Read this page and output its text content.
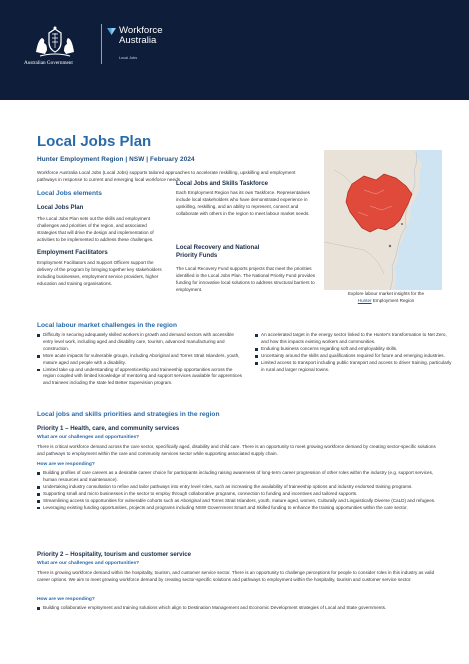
Australian Government
Workforce
Australia
Local Jobs
Local Jobs Plan
Hunter Employment Region | NSW | February 2024
Workforce Australia Local Jobs (Local Jobs) supports tailored approaches to accelerate reskilling, upskilling and employment pathways in response to current and emerging local workforce needs.
Local Jobs elements
Local Jobs Plan
The Local Jobs Plan sets out the skills and employment challenges and priorities of the region, and associated strategies that will drive the design and implementation of activities to be implemented to address these challenges.
Employment Facilitators
Employment Facilitators and Support Officers support the delivery of the program by bringing together key stakeholders including businesses, employment service providers, higher education and training organisations.
Local Jobs and Skills Taskforce
Each Employment Region has its own Taskforce. Representatives include local stakeholders who have demonstrated experience in upskilling, reskilling, and an ability to represent, connect and collaborate with others in the region to meet labour market needs.
Local Recovery and National
Priority Funds
The Local Recovery Fund supports projects that meet the priorities identified in the Local Jobs Plan. The National Priority Fund provides funding for innovative local solutions to address structural barriers to employment.
Explore labour market insights for the
Hunter Employment Region
Local labour market challenges in the region
Difficulty in securing adequately skilled workers in growth and demand sectors with accessible entry level work, including aged and disability care, tourism, advanced manufacturing and construction.
More acute impacts for vulnerable groups, including Aboriginal and Torres Strait Islanders, youth, mature aged and people with a disability.
Limited take up and understanding of apprenticeship and traineeship opportunities across the region coupled with limited knowledge of mentoring and support services available for apprentices and trainees including the state led Better Supervision program.
An accelerated target in the energy sector linked to the Hunter's transformation to Net Zero, and how this impacts existing workers and communities.
Enduring business concerns regarding soft and employability skills.
Uncertainty around the skills and qualifications required for future and emerging industries.
Limited access to transport including public transport and access to driver training, particularly in rural and larger regional towns.
Local jobs and skills priorities and strategies in the region
Priority 1 – Health, care, and community services
What are our challenges and opportunities?
There is critical workforce demand across the care sector, specifically aged, disability and child care. There is an opportunity to meet growing workforce demand by creating sector-specific solutions and pathways to employment within the care and community services sector while supporting associated supply chain.
How are we responding?
Building profiles of care careers as a desirable career choice for participants including raising awareness of long-term career progression of other roles within the industry (e.g. support services, human resources and maintenance).
Undertaking industry consultation to refine and tailor pathways into entry level roles, such as increasing the availability of traineeship options and industry endorsed training programs.
Supporting small and micro businesses in the sector to employ through collaborative programs, connection to funding and incentives and tailored supports.
Streamlining access to opportunities for vulnerable cohorts such as Aboriginal and Torres Strait Islanders, youth, mature aged, women, Culturally and Linguistically Diverse (CaLD) and refugees.
Leveraging existing funding opportunities, projects and programs including NSW Government Smart and Skilled funding to enhance the training opportunities within the care sector.
Priority 2 – Hospitality, tourism and customer service
What are our challenges and opportunities?
There is growing workforce demand within the hospitality, tourism, and customer service sector. There is an opportunity to challenge perceptions for people to consider roles in this industry as valid career options. We aim to meet growing workforce demand by creating sector-specific solutions and pathways to employment within the hospitality, tourism and customer service sector.
How are we responding?
Building collaborative employment and training solutions which align to Destination Management and Economic Development strategies of Local and State governments.
